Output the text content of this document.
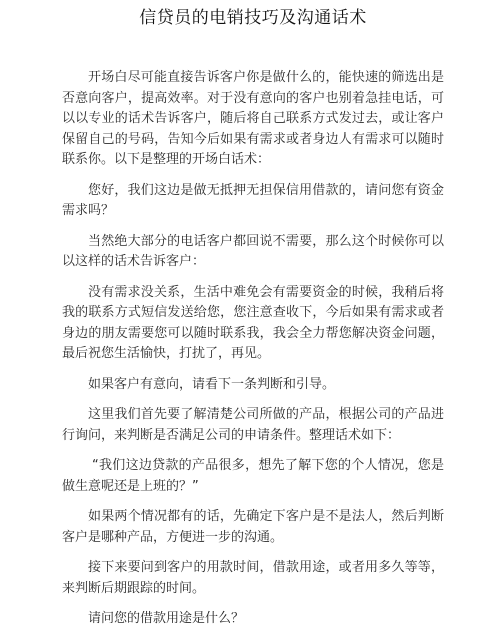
信贷员的电销技巧及沟通话术

开场白尽可能直接告诉客户你是做什么的，能快速的筛选出是否意向客户，提高效率。对于没有意向的客户也别着急挂电话，可以以专业的话术告诉客户，随后将自己联系方式发过去，或让客户保留自己的号码，告知今后如果有需求或者身边人有需求可以随时联系你。以下是整理的开场白话术：

您好，我们这边是做无抵押无担保信用借款的，请问您有资金需求吗？

当然绝大部分的电话客户都回说不需要，那么这个时候你可以以这样的话术告诉客户：

没有需求没关系，生活中难免会有需要资金的时候，我稍后将我的联系方式短信发送给您，您注意查收下，今后如果有需求或者身边的朋友需要您可以随时联系我，我会全力帮您解决资金问题，最后祝您生活愉快，打扰了，再见。

如果客户有意向，请看下一条判断和引导。

这里我们首先要了解清楚公司所做的产品，根据公司的产品进行询问，来判断是否满足公司的申请条件。整理话术如下：

“我们这边贷款的产品很多，想先了解下您的个人情况，您是做生意呢还是上班的？”

如果两个情况都有的话，先确定下客户是不是法人，然后判断客户是哪种产品，方便进一步的沟通。

接下来要问到客户的用款时间，借款用途，或者用多久等等，来判断后期跟踪的时间。

请问您的借款用途是什么？
